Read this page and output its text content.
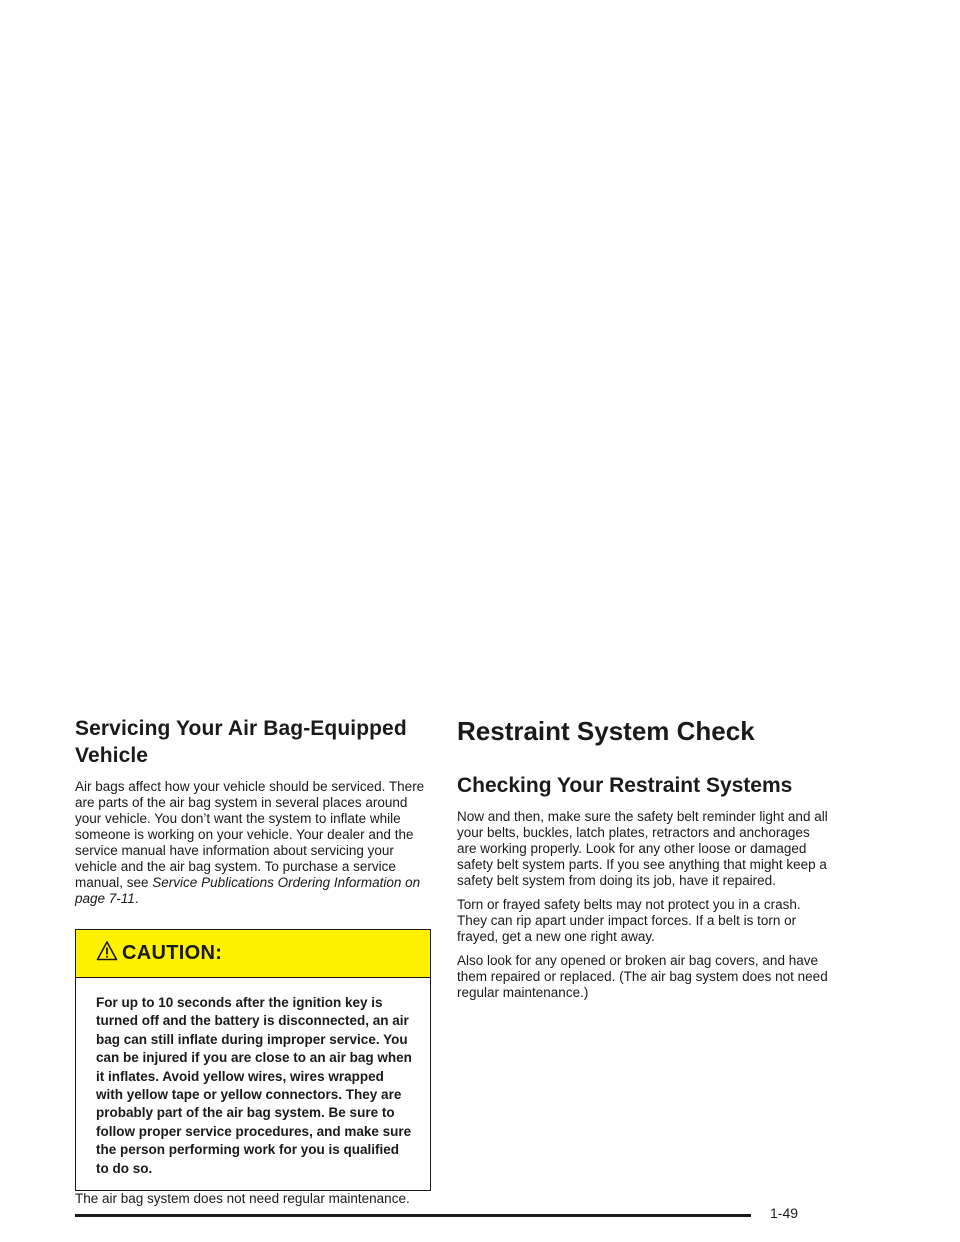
Servicing Your Air Bag-Equipped
Vehicle

Air bags affect how your vehicle should be serviced. There are parts of the air bag system in several places around your vehicle. You don’t want the system to inflate while someone is working on your vehicle. Your dealer and the service manual have information about servicing your vehicle and the air bag system. To purchase a service manual, see Service Publications Ordering Information on page 7-11.

CAUTION:
For up to 10 seconds after the ignition key is turned off and the battery is disconnected, an air bag can still inflate during improper service. You can be injured if you are close to an air bag when it inflates. Avoid yellow wires, wires wrapped with yellow tape or yellow connectors. They are probably part of the air bag system. Be sure to follow proper service procedures, and make sure the person performing work for you is qualified to do so.

The air bag system does not need regular maintenance.

Restraint System Check
Checking Your Restraint Systems

Now and then, make sure the safety belt reminder light and all your belts, buckles, latch plates, retractors and anchorages are working properly. Look for any other loose or damaged safety belt system parts. If you see anything that might keep a safety belt system from doing its job, have it repaired.

Torn or frayed safety belts may not protect you in a crash. They can rip apart under impact forces. If a belt is torn or frayed, get a new one right away.

Also look for any opened or broken air bag covers, and have them repaired or replaced. (The air bag system does not need regular maintenance.)

1-49
